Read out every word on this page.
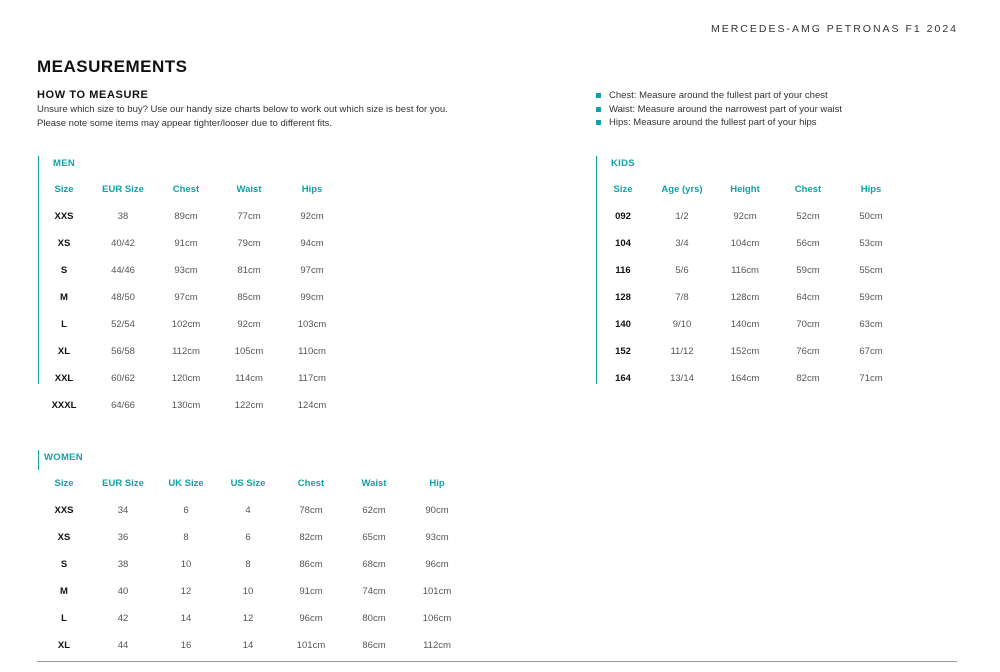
MERCEDES-AMG PETRONAS F1 2024
MEASUREMENTS
HOW TO MEASURE
Unsure which size to buy? Use our handy size charts below to work out which size is best for you.
Please note some items may appear tighter/looser due to different fits.
Chest: Measure around the fullest part of your chest
Waist: Measure around the narrowest part of your waist
Hips: Measure around the fullest part of your hips
MEN
Size	EUR Size	Chest	Waist	Hips
XXS	38	89cm	77cm	92cm
XS	40/42	91cm	79cm	94cm
S	44/46	93cm	81cm	97cm
M	48/50	97cm	85cm	99cm
L	52/54	102cm	92cm	103cm
XL	56/58	112cm	105cm	110cm
XXL	60/62	120cm	114cm	117cm
XXXL	64/66	130cm	122cm	124cm
KIDS
Size	Age (yrs)	Height	Chest	Hips
092	1/2	92cm	52cm	50cm
104	3/4	104cm	56cm	53cm
116	5/6	116cm	59cm	55cm
128	7/8	128cm	64cm	59cm
140	9/10	140cm	70cm	63cm
152	11/12	152cm	76cm	67cm
164	13/14	164cm	82cm	71cm
WOMEN
Size	EUR Size	UK Size	US Size	Chest	Waist	Hip
XXS	34	6	4	78cm	62cm	90cm
XS	36	8	6	82cm	65cm	93cm
S	38	10	8	86cm	68cm	96cm
M	40	12	10	91cm	74cm	101cm
L	42	14	12	96cm	80cm	106cm
XL	44	16	14	101cm	86cm	112cm
